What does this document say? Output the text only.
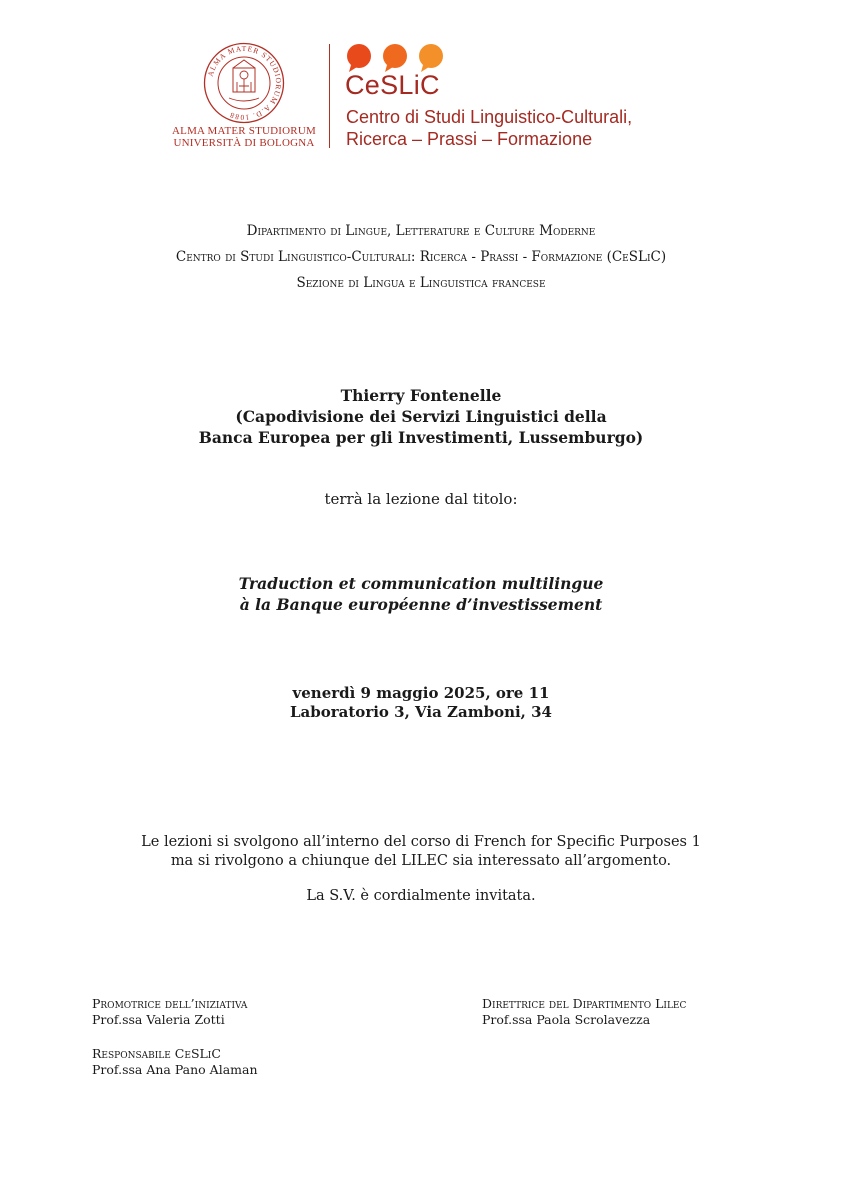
ALMA MATER STUDIORUM A.D. 1088
ALMA MATER STUDIORUM
UNIVERSITÀ DI BOLOGNA
CeSLiC
Centro di Studi Linguistico-Culturali,
Ricerca – Prassi – Formazione
Dipartimento di Lingue, Letterature e Culture Moderne
Centro di Studi Linguistico-Culturali: Ricerca - Prassi - Formazione (CeSLiC)
Sezione di Lingua e Linguistica francese
Thierry Fontenelle
(Capodivisione dei Servizi Linguistici della
Banca Europea per gli Investimenti, Lussemburgo)
terrà la lezione dal titolo:
Traduction et communication multilingue
à la Banque européenne d’investissement
venerdì 9 maggio 2025, ore 11
Laboratorio 3, Via Zamboni, 34
Le lezioni si svolgono all’interno del corso di French for Specific Purposes 1
ma si rivolgono a chiunque del LILEC sia interessato all’argomento.
La S.V. è cordialmente invitata.
Promotrice dell’iniziativa
Prof.ssa Valeria Zotti
Responsabile CeSLiC
Prof.ssa Ana Pano Alaman
Direttrice del Dipartimento Lilec
Prof.ssa Paola Scrolavezza
